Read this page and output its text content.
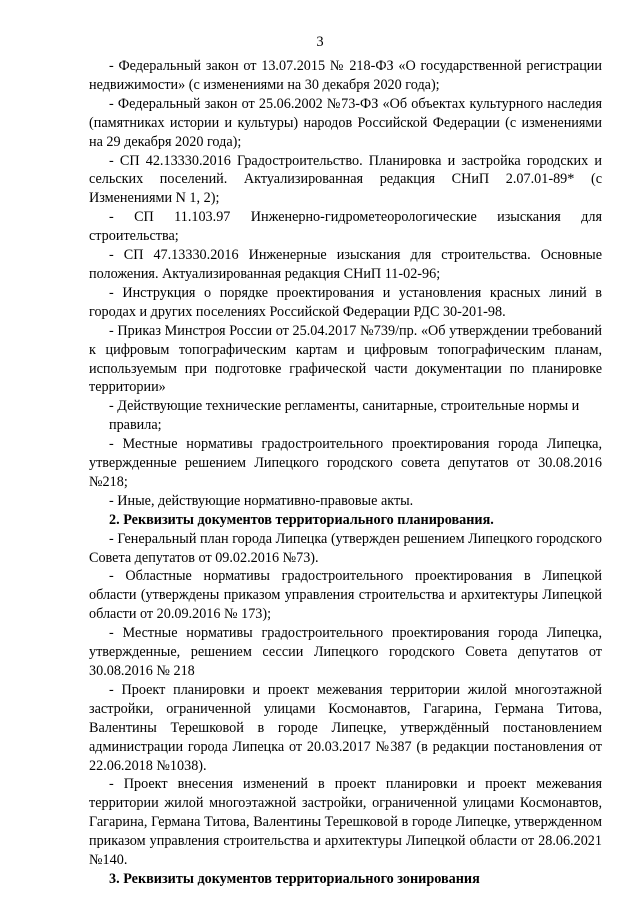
3

- Федеральный закон от 13.07.2015 № 218-ФЗ «О государственной регистрации недвижимости» (с изменениями на 30 декабря 2020 года);

- Федеральный закон от 25.06.2002 №73-ФЗ «Об объектах культурного наследия (памятниках истории и культуры) народов Российской Федерации (с изменениями на 29 декабря 2020 года);

- СП 42.13330.2016 Градостроительство. Планировка и застройка городских и сельских поселений. Актуализированная редакция СНиП 2.07.01-89* (с Изменениями N 1, 2);

- СП 11.103.97 Инженерно-гидрометеорологические изыскания для строительства;

- СП 47.13330.2016 Инженерные изыскания для строительства. Основные положения. Актуализированная редакция СНиП 11-02-96;

- Инструкция о порядке проектирования и установления красных линий в городах и других поселениях Российской Федерации РДС 30-201-98.

- Приказ Минстроя России от 25.04.2017 №739/пр. «Об утверждении требований к цифровым топографическим картам и цифровым топографическим планам, используемым при подготовке графической части документации по планировке территории»

- Действующие технические регламенты, санитарные, строительные нормы и

правила;

- Местные нормативы градостроительного проектирования города Липецка, утвержденные решением Липецкого городского совета депутатов от 30.08.2016 №218;

- Иные, действующие нормативно-правовые акты.

2. Реквизиты документов территориального планирования.

- Генеральный план города Липецка (утвержден решением Липецкого городского Совета депутатов от 09.02.2016 №73).

- Областные нормативы градостроительного проектирования в Липецкой области (утверждены приказом управления строительства и архитектуры Липецкой области от 20.09.2016 № 173);

- Местные нормативы градостроительного проектирования города Липецка, утвержденные, решением сессии Липецкого городского Совета депутатов от 30.08.2016 № 218

- Проект планировки и проект межевания территории жилой многоэтажной застройки, ограниченной улицами Космонавтов, Гагарина, Германа Титова, Валентины Терешковой в городе Липецке, утверждённый постановлением администрации города Липецка от 20.03.2017 №387 (в редакции постановления от 22.06.2018 №1038).

- Проект внесения изменений в проект планировки и проект межевания территории жилой многоэтажной застройки, ограниченной улицами Космонавтов, Гагарина, Германа Титова, Валентины Терешковой в городе Липецке, утвержденном приказом управления строительства и архитектуры Липецкой области от 28.06.2021 №140.

3. Реквизиты документов территориального зонирования
